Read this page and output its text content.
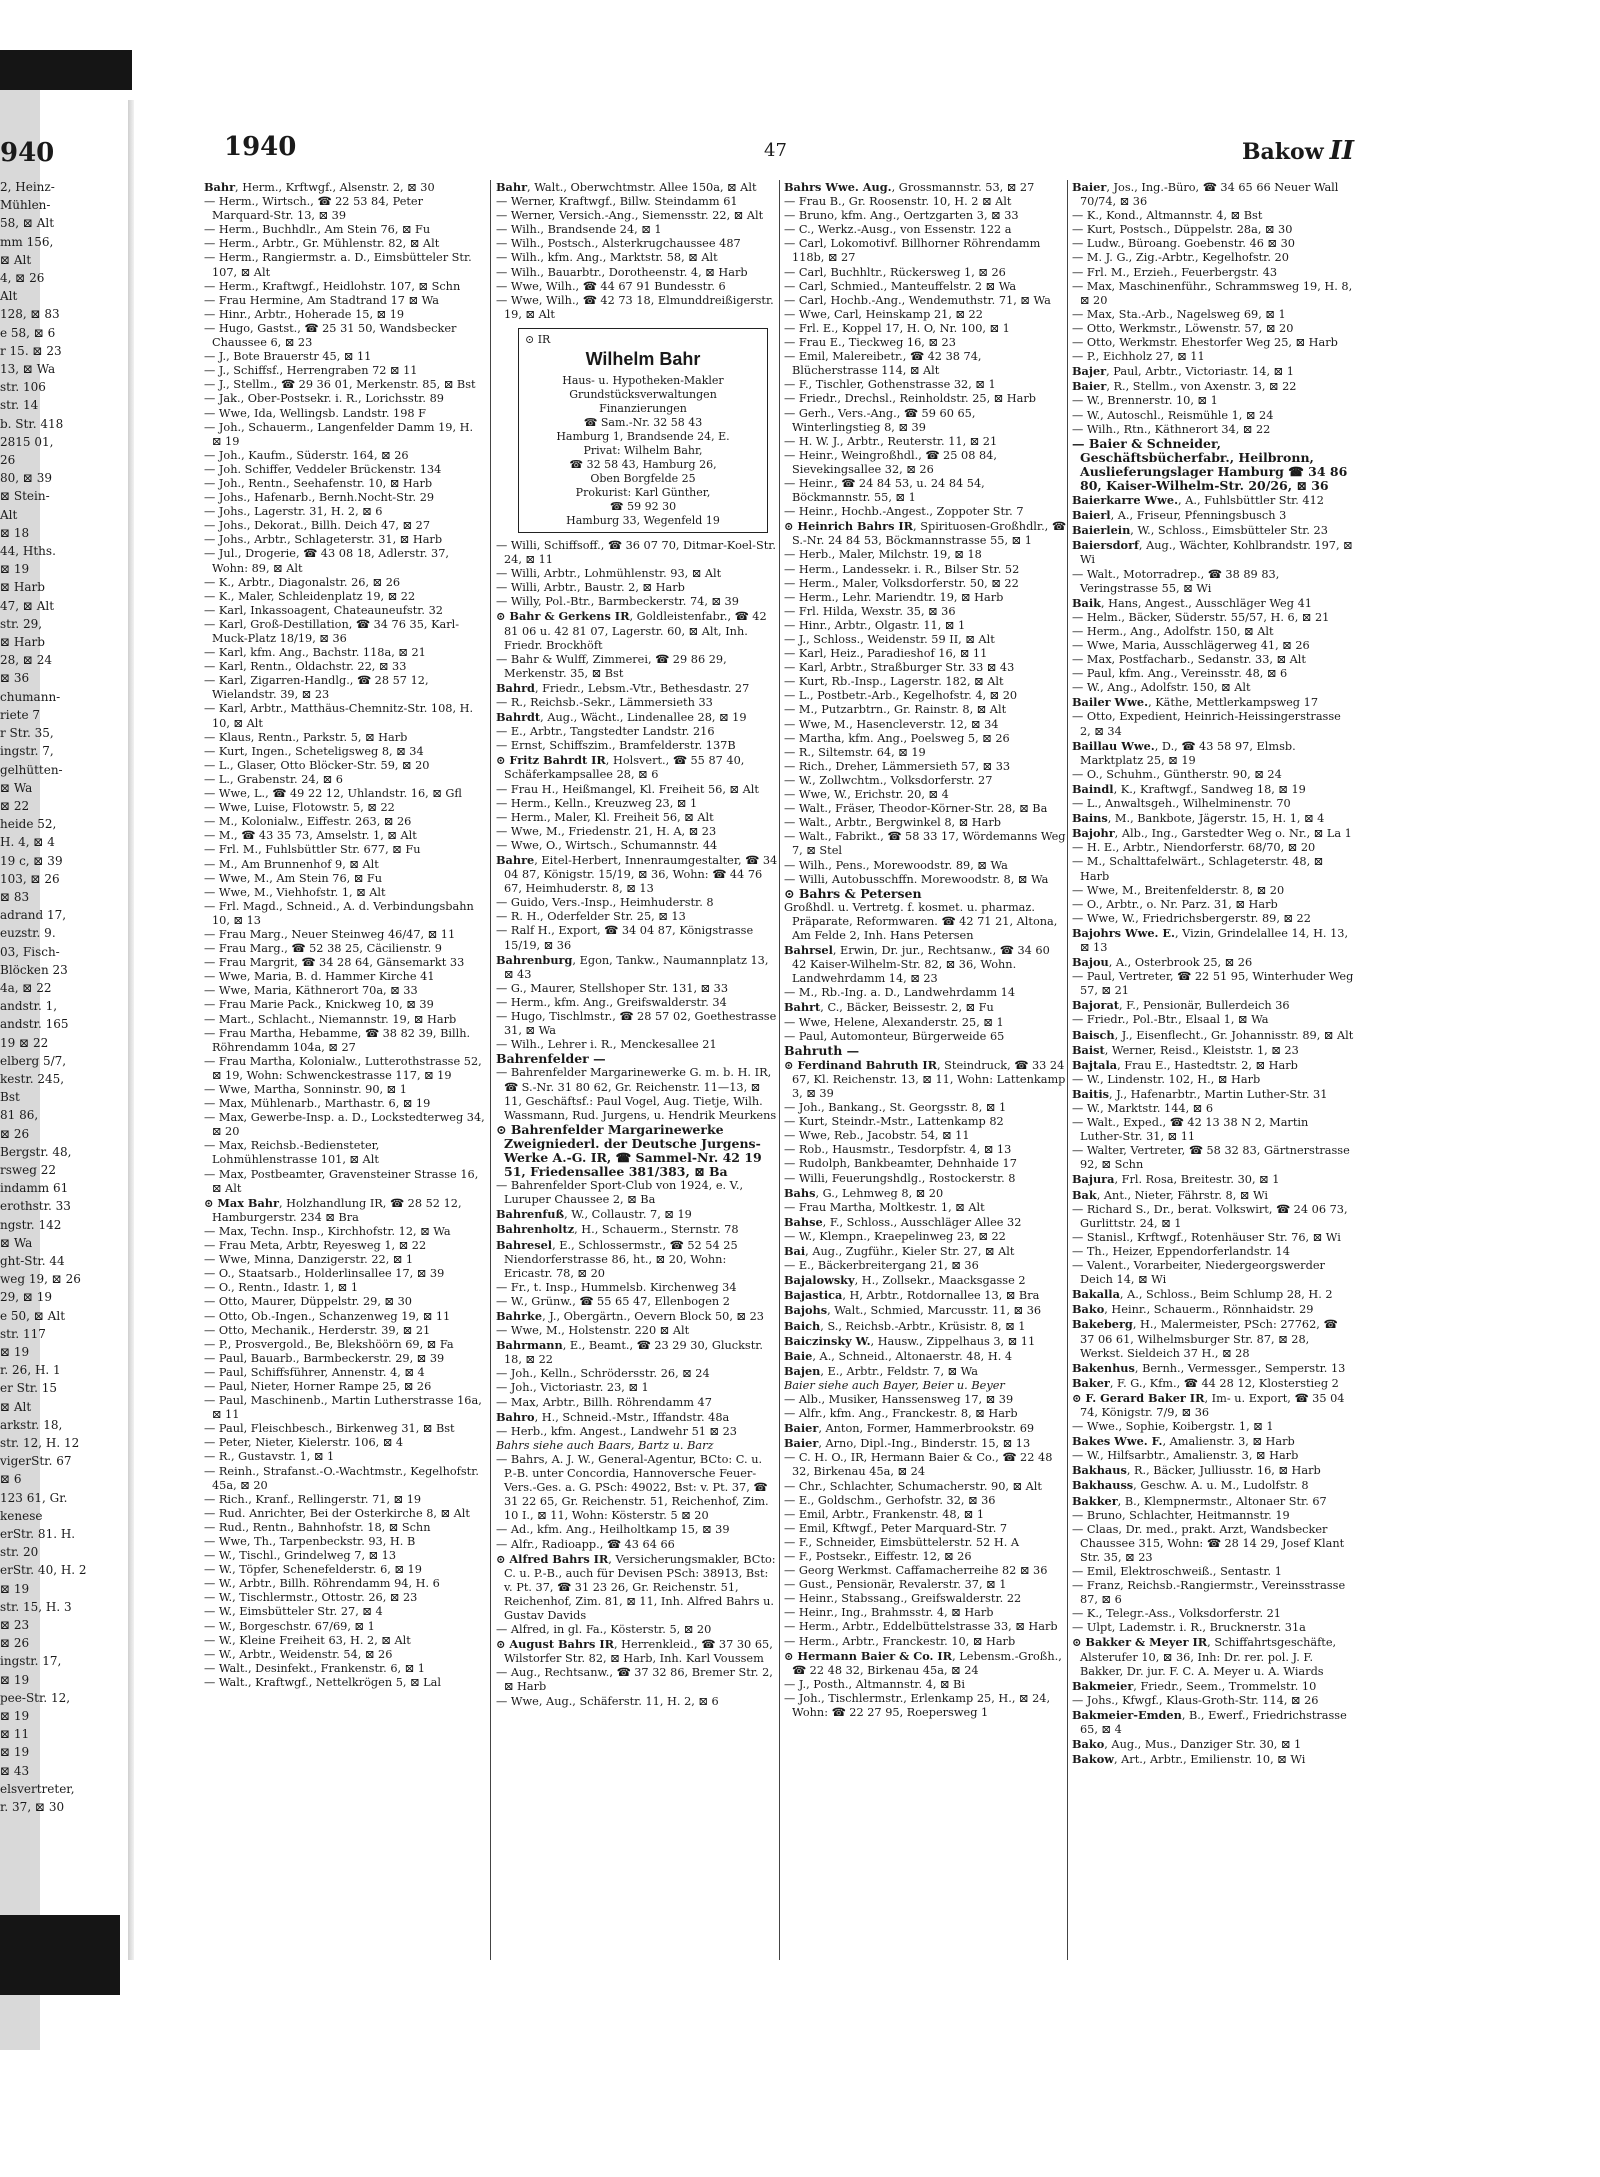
940
2, Heinz-
Mühlen-
58, ⊠ Alt
mm 156,
⊠ Alt
4, ⊠ 26
Alt
128, ⊠ 83
e 58, ⊠ 6
r 15. ⊠ 23
13, ⊠ Wa
str. 106
str. 14
b. Str. 418
2815 01,
26
80, ⊠ 39
⊠ Stein-
Alt
⊠ 18
44, Hths.
⊠ 19
⊠ Harb
47, ⊠ Alt
str. 29,
⊠ Harb
28, ⊠ 24
⊠ 36
chumann-
riete 7
r Str. 35,
ingstr. 7,
gelhütten-
⊠ Wa
⊠ 22
heide 52,
H. 4, ⊠ 4
19 c, ⊠ 39
103, ⊠ 26
⊠ 83
adrand 17,
euzstr. 9.
03, Fisch-
Blöcken 23
4a, ⊠ 22
andstr. 1,
andstr. 165
19 ⊠ 22
elberg 5/7,
kestr. 245,
Bst
81 86,
⊠ 26
Bergstr. 48,
rsweg 22
indamm 61
erothstr. 33
ngstr. 142
⊠ Wa
ght-Str. 44
weg 19, ⊠ 26
29, ⊠ 19
e 50, ⊠ Alt
str. 117
⊠ 19
r. 26, H. 1
er Str. 15
⊠ Alt
arkstr. 18,
str. 12, H. 12
vigerStr. 67
⊠ 6
123 61, Gr.
kenese
erStr. 81. H.
str. 20
erStr. 40, H. 2
⊠ 19
str. 15, H. 3
⊠ 23
⊠ 26
ingstr. 17,
⊠ 19
pee-Str. 12,
⊠ 19
⊠ 11
⊠ 19
⊠ 43
elsvertreter,
r. 37, ⊠ 30
1940	47	Bakow II

Bahr, Herm., Krftwgf., Alsenstr. 2, ⊠ 30

— Herm., Wirtsch., ☎ 22 53 84, Peter Marquard-Str. 13, ⊠ 39

— Herm., Buchhdlr., Am Stein 76, ⊠ Fu

— Herm., Arbtr., Gr. Mühlenstr. 82, ⊠ Alt

— Herm., Rangiermstr. a. D., Eimsbütteler Str. 107, ⊠ Alt

— Herm., Kraftwgf., Heidlohstr. 107, ⊠ Schn

— Frau Hermine, Am Stadtrand 17 ⊠ Wa

— Hinr., Arbtr., Hoherade 15, ⊠ 19

— Hugo, Gastst., ☎ 25 31 50, Wandsbecker Chaussee 6, ⊠ 23

— J., Bote Brauerstr 45, ⊠ 11

— J., Schiffsf., Herrengraben 72 ⊠ 11

— J., Stellm., ☎ 29 36 01, Merkenstr. 85, ⊠ Bst

— Jak., Ober-Postsekr. i. R., Lorichsstr. 89

— Wwe, Ida, Wellingsb. Landstr. 198 F

— Joh., Schauerm., Langenfelder Damm 19, H. ⊠ 19

— Joh., Kaufm., Süderstr. 164, ⊠ 26

— Joh. Schiffer, Veddeler Brückenstr. 134

— Joh., Rentn., Seehafenstr. 10, ⊠ Harb

— Johs., Hafenarb., Bernh.Nocht-Str. 29

— Johs., Lagerstr. 31, H. 2, ⊠ 6

— Johs., Dekorat., Billh. Deich 47, ⊠ 27

— Johs., Arbtr., Schlageterstr. 31, ⊠ Harb

— Jul., Drogerie, ☎ 43 08 18, Adlerstr. 37, Wohn: 89, ⊠ Alt

— K., Arbtr., Diagonalstr. 26, ⊠ 26

— K., Maler, Schleidenplatz 19, ⊠ 22

— Karl, Inkassoagent, Chateauneufstr. 32

— Karl, Groß-Destillation, ☎ 34 76 35, Karl-Muck-Platz 18/19, ⊠ 36

— Karl, kfm. Ang., Bachstr. 118a, ⊠ 21

— Karl, Rentn., Oldachstr. 22, ⊠ 33

— Karl, Zigarren-Handlg., ☎ 28 57 12, Wielandstr. 39, ⊠ 23

— Karl, Arbtr., Matthäus-Chemnitz-Str. 108, H. 10, ⊠ Alt

— Klaus, Rentn., Parkstr. 5, ⊠ Harb

— Kurt, Ingen., Scheteligsweg 8, ⊠ 34

— L., Glaser, Otto Blöcker-Str. 59, ⊠ 20

— L., Grabenstr. 24, ⊠ 6

— Wwe, L., ☎ 49 22 12, Uhlandstr. 16, ⊠ Gfl

— Wwe, Luise, Flotowstr. 5, ⊠ 22

— M., Kolonialw., Eiffestr. 263, ⊠ 26

— M., ☎ 43 35 73, Amselstr. 1, ⊠ Alt

— Frl. M., Fuhlsbüttler Str. 677, ⊠ Fu

— M., Am Brunnenhof 9, ⊠ Alt

— Wwe, M., Am Stein 76, ⊠ Fu

— Wwe, M., Viehhofstr. 1, ⊠ Alt

— Frl. Magd., Schneid., A. d. Verbindungsbahn 10, ⊠ 13

— Frau Marg., Neuer Steinweg 46/47, ⊠ 11

— Frau Marg., ☎ 52 38 25, Cäcilienstr. 9

— Frau Margrit, ☎ 34 28 64, Gänsemarkt 33

— Wwe, Maria, B. d. Hammer Kirche 41

— Wwe, Maria, Käthnerort 70a, ⊠ 33

— Frau Marie Pack., Knickweg 10, ⊠ 39

— Mart., Schlacht., Niemannstr. 19, ⊠ Harb

— Frau Martha, Hebamme, ☎ 38 82 39, Billh. Röhrendamm 104a, ⊠ 27

— Frau Martha, Kolonialw., Lutterothstrasse 52, ⊠ 19, Wohn: Schwenckestrasse 117, ⊠ 19

— Wwe, Martha, Sonninstr. 90, ⊠ 1

— Max, Mühlenarb., Marthastr. 6, ⊠ 19

— Max, Gewerbe-Insp. a. D., Lockstedterweg 34, ⊠ 20

— Max, Reichsb.-Bediensteter, Lohmühlenstrasse 101, ⊠ Alt

— Max, Postbeamter, Gravensteiner Strasse 16, ⊠ Alt

⊙ Max Bahr, Holzhandlung IR, ☎ 28 52 12, Hamburgerstr. 234 ⊠ Bra

— Max, Techn. Insp., Kirchhofstr. 12, ⊠ Wa

— Frau Meta, Arbtr, Reyesweg 1, ⊠ 22

— Wwe, Minna, Danzigerstr. 22, ⊠ 1

— O., Staatsarb., Holderlinsallee 17, ⊠ 39

— O., Rentn., Idastr. 1, ⊠ 1

— Otto, Maurer, Düppelstr. 29, ⊠ 30

— Otto, Ob.-Ingen., Schanzenweg 19, ⊠ 11

— Otto, Mechanik., Herderstr. 39, ⊠ 21

— P., Prosvergold., Be, Blekshöörn 69, ⊠ Fa

— Paul, Bauarb., Barmbeckerstr. 29, ⊠ 39

— Paul, Schiffsführer, Annenstr. 4, ⊠ 4

— Paul, Nieter, Horner Rampe 25, ⊠ 26

— Paul, Maschinenb., Martin Lutherstrasse 16a, ⊠ 11

— Paul, Fleischbesch., Birkenweg 31, ⊠ Bst

— Peter, Nieter, Kielerstr. 106, ⊠ 4

— R., Gustavstr. 1, ⊠ 1

— Reinh., Strafanst.-O.-Wachtmstr., Kegelhofstr. 45a, ⊠ 20

— Rich., Kranf., Rellingerstr. 71, ⊠ 19

— Rud. Anrichter, Bei der Osterkirche 8, ⊠ Alt

— Rud., Rentn., Bahnhofstr. 18, ⊠ Schn

— Wwe, Th., Tarpenbeckstr. 93, H. B

— W., Tischl., Grindelweg 7, ⊠ 13

— W., Töpfer, Schenefelderstr. 6, ⊠ 19

— W., Arbtr., Billh. Röhrendamm 94, H. 6

— W., Tischlermstr., Ottostr. 26, ⊠ 23

— W., Eimsbütteler Str. 27, ⊠ 4

— W., Borgeschstr. 67/69, ⊠ 1

— W., Kleine Freiheit 63, H. 2, ⊠ Alt

— W., Arbtr., Weidenstr. 54, ⊠ 26

— Walt., Desinfekt., Frankenstr. 6, ⊠ 1

— Walt., Kraftwgf., Nettelkrögen 5, ⊠ Lal

Bahr, Walt., Oberwchtmstr. Allee 150a, ⊠ Alt

— Werner, Kraftwgf., Billw. Steindamm 61

— Werner, Versich.-Ang., Siemensstr. 22, ⊠ Alt

— Wilh., Brandsende 24, ⊠ 1

— Wilh., Postsch., Alsterkrugchaussee 487

— Wilh., kfm. Ang., Marktstr. 58, ⊠ Alt

— Wilh., Bauarbtr., Dorotheenstr. 4, ⊠ Harb

— Wwe, Wilh., ☎ 44 67 91 Bundesstr. 6

— Wwe, Wilh., ☎ 42 73 18, Elmunddreißigerstr. 19, ⊠ Alt

⊙ IR
Wilhelm Bahr
Haus- u. Hypotheken-Makler
Grundstücksverwaltungen
Finanzierungen
☎ Sam.-Nr. 32 58 43
Hamburg 1, Brandsende 24, E.
Privat: Wilhelm Bahr,
☎ 32 58 43, Hamburg 26,
Oben Borgfelde 25
Prokurist: Karl Günther,
☎ 59 92 30
Hamburg 33, Wegenfeld 19

— Willi, Schiffsoff., ☎ 36 07 70, Ditmar-Koel-Str. 24, ⊠ 11

— Willi, Arbtr., Lohmühlenstr. 93, ⊠ Alt

— Willi, Arbtr., Baustr. 2, ⊠ Harb

— Willy, Pol.-Btr., Barmbeckerstr. 74, ⊠ 39

⊙ Bahr & Gerkens IR, Goldleistenfabr., ☎ 42 81 06 u. 42 81 07, Lagerstr. 60, ⊠ Alt, Inh. Friedr. Brockhöft

— Bahr & Wulff, Zimmerei, ☎ 29 86 29, Merkenstr. 35, ⊠ Bst

Bahrd, Friedr., Lebsm.-Vtr., Bethesdastr. 27

— R., Reichsb.-Sekr., Lämmersieth 33

Bahrdt, Aug., Wächt., Lindenallee 28, ⊠ 19

— E., Arbtr., Tangstedter Landstr. 216

— Ernst, Schiffszim., Bramfelderstr. 137B

⊙ Fritz Bahrdt IR, Holsvert., ☎ 55 87 40, Schäferkampsallee 28, ⊠ 6

— Frau H., Heißmangel, Kl. Freiheit 56, ⊠ Alt

— Herm., Kelln., Kreuzweg 23, ⊠ 1

— Herm., Maler, Kl. Freiheit 56, ⊠ Alt

— Wwe, M., Friedenstr. 21, H. A, ⊠ 23

— Wwe, O., Wirtsch., Schumannstr. 44

Bahre, Eitel-Herbert, Innenraumgestalter, ☎ 34 04 87, Königstr. 15/19, ⊠ 36, Wohn: ☎ 44 76 67, Heimhuderstr. 8, ⊠ 13

— Guido, Vers.-Insp., Heimhuderstr. 8

— R. H., Oderfelder Str. 25, ⊠ 13

— Ralf H., Export, ☎ 34 04 87, Königstrasse 15/19, ⊠ 36

Bahrenburg, Egon, Tankw., Naumannplatz 13, ⊠ 43

— G., Maurer, Stellshoper Str. 131, ⊠ 33

— Herm., kfm. Ang., Greifswalderstr. 34

— Hugo, Tischlmstr., ☎ 28 57 02, Goethestrasse 31, ⊠ Wa

— Wilh., Lehrer i. R., Menckesallee 21

Bahrenfelder —

— Bahrenfelder Margarinewerke G. m. b. H. IR, ☎ S.-Nr. 31 80 62, Gr. Reichenstr. 11—13, ⊠ 11, Geschäftsf.: Paul Vogel, Aug. Tietje, Wilh. Wassmann, Rud. Jurgens, u. Hendrik Meurkens

⊙ Bahrenfelder Margarinewerke Zweigniederl. der Deutsche Jurgens-Werke A.-G. IR, ☎ Sammel-Nr. 42 19 51, Friedensallee 381/383, ⊠ Ba

— Bahrenfelder Sport-Club von 1924, e. V., Luruper Chaussee 2, ⊠ Ba

Bahrenfuß, W., Collaustr. 7, ⊠ 19

Bahrenholtz, H., Schauerm., Sternstr. 78

Bahresel, E., Schlossermstr., ☎ 52 54 25 Niendorferstrasse 86, ht., ⊠ 20, Wohn: Ericastr. 78, ⊠ 20

— Fr., t. Insp., Hummelsb. Kirchenweg 34

— W., Grünw., ☎ 55 65 47, Ellenbogen 2

Bahrke, J., Obergärtn., Oevern Block 50, ⊠ 23

— Wwe, M., Holstenstr. 220 ⊠ Alt

Bahrmann, E., Beamt., ☎ 23 29 30, Gluckstr. 18, ⊠ 22

— Joh., Kelln., Schrödersstr. 26, ⊠ 24

— Joh., Victoriastr. 23, ⊠ 1

— Max, Arbtr., Billh. Röhrendamm 47

Bahro, H., Schneid.-Mstr., Iffandstr. 48a

— Herb., kfm. Angest., Landwehr 51 ⊠ 23

Bahrs siehe auch Baars, Bartz u. Barz

— Bahrs, A. J. W., General-Agentur, BCto: C. u. P.-B. unter Concordia, Hannoversche Feuer-Vers.-Ges. a. G. PSch: 49022, Bst: v. Pt. 37, ☎ 31 22 65, Gr. Reichenstr. 51, Reichenhof, Zim. 10 I., ⊠ 11, Wohn: Kösterstr. 5 ⊠ 20

— Ad., kfm. Ang., Heilholtkamp 15, ⊠ 39

— Alfr., Radioapp., ☎ 43 64 66

⊙ Alfred Bahrs IR, Versicherungsmakler, BCto: C. u. P.-B., auch für Devisen PSch: 38913, Bst: v. Pt. 37, ☎ 31 23 26, Gr. Reichenstr. 51, Reichenhof, Zim. 81, ⊠ 11, Inh. Alfred Bahrs u. Gustav Davids

— Alfred, in gl. Fa., Kösterstr. 5, ⊠ 20

⊙ August Bahrs IR, Herrenkleid., ☎ 37 30 65, Wilstorfer Str. 82, ⊠ Harb, Inh. Karl Voussem

— Aug., Rechtsanw., ☎ 37 32 86, Bremer Str. 2, ⊠ Harb

— Wwe, Aug., Schäferstr. 11, H. 2, ⊠ 6

Bahrs Wwe. Aug., Grossmannstr. 53, ⊠ 27

— Frau B., Gr. Roosenstr. 10, H. 2 ⊠ Alt

— Bruno, kfm. Ang., Oertzgarten 3, ⊠ 33

— C., Werkz.-Ausg., von Essenstr. 122 a

— Carl, Lokomotivf. Billhorner Röhrendamm 118b, ⊠ 27

— Carl, Buchhltr., Rückersweg 1, ⊠ 26

— Carl, Schmied., Manteuffelstr. 2 ⊠ Wa

— Carl, Hochb.-Ang., Wendemuthstr. 71, ⊠ Wa

— Wwe, Carl, Heinskamp 21, ⊠ 22

— Frl. E., Koppel 17, H. O, Nr. 100, ⊠ 1

— Frau E., Tieckweg 16, ⊠ 23

— Emil, Malereibetr., ☎ 42 38 74, Blücherstrasse 114, ⊠ Alt

— F., Tischler, Gothenstrasse 32, ⊠ 1

— Friedr., Drechsl., Reinholdstr. 25, ⊠ Harb

— Gerh., Vers.-Ang., ☎ 59 60 65, Winterlingstieg 8, ⊠ 39

— H. W. J., Arbtr., Reuterstr. 11, ⊠ 21

— Heinr., Weingroßhdl., ☎ 25 08 84, Sievekingsallee 32, ⊠ 26

— Heinr., ☎ 24 84 53, u. 24 84 54, Böckmannstr. 55, ⊠ 1

— Heinr., Hochb.-Angest., Zoppoter Str. 7

⊙ Heinrich Bahrs IR, Spirituosen-Großhdlr., ☎ S.-Nr. 24 84 53, Böckmannstrasse 55, ⊠ 1

— Herb., Maler, Milchstr. 19, ⊠ 18

— Herm., Landessekr. i. R., Bilser Str. 52

— Herm., Maler, Volksdorferstr. 50, ⊠ 22

— Herm., Lehr. Mariendtr. 19, ⊠ Harb

— Frl. Hilda, Wexstr. 35, ⊠ 36

— Hinr., Arbtr., Olgastr. 11, ⊠ 1

— J., Schloss., Weidenstr. 59 II, ⊠ Alt

— Karl, Heiz., Paradieshof 16, ⊠ 11

— Karl, Arbtr., Straßburger Str. 33 ⊠ 43

— Kurt, Rb.-Insp., Lagerstr. 182, ⊠ Alt

— L., Postbetr.-Arb., Kegelhofstr. 4, ⊠ 20

— M., Putzarbtrn., Gr. Rainstr. 8, ⊠ Alt

— Wwe, M., Hasencleverstr. 12, ⊠ 34

— Martha, kfm. Ang., Poelsweg 5, ⊠ 26

— R., Siltemstr. 64, ⊠ 19

— Rich., Dreher, Lämmersieth 57, ⊠ 33

— W., Zollwchtm., Volksdorferstr. 27

— Wwe, W., Erichstr. 20, ⊠ 4

— Walt., Fräser, Theodor-Körner-Str. 28, ⊠ Ba

— Walt., Arbtr., Bergwinkel 8, ⊠ Harb

— Walt., Fabrikt., ☎ 58 33 17, Wördemanns Weg 7, ⊠ Stel

— Wilh., Pens., Morewoodstr. 89, ⊠ Wa

— Willi, Autobusschffn. Morewoodstr. 8, ⊠ Wa

⊙ Bahrs & Petersen

Großhdl. u. Vertretg. f. kosmet. u. pharmaz. Präparate, Reformwaren. ☎ 42 71 21, Altona, Am Felde 2, Inh. Hans Petersen

Bahrsel, Erwin, Dr. jur., Rechtsanw., ☎ 34 60 42 Kaiser-Wilhelm-Str. 82, ⊠ 36, Wohn. Landwehrdamm 14, ⊠ 23

— M., Rb.-Ing. a. D., Landwehrdamm 14

Bahrt, C., Bäcker, Beissestr. 2, ⊠ Fu

— Wwe, Helene, Alexanderstr. 25, ⊠ 1

— Paul, Automonteur, Bürgerweide 65

Bahruth —

⊙ Ferdinand Bahruth IR, Steindruck, ☎ 33 24 67, Kl. Reichenstr. 13, ⊠ 11, Wohn: Lattenkamp 3, ⊠ 39

— Joh., Bankang., St. Georgsstr. 8, ⊠ 1

— Kurt, Steindr.-Mstr., Lattenkamp 82

— Wwe, Reb., Jacobstr. 54, ⊠ 11

— Rob., Hausmstr., Tesdorpfstr. 4, ⊠ 13

— Rudolph, Bankbeamter, Dehnhaide 17

— Willi, Feuerungshdlg., Rostockerstr. 8

Bahs, G., Lehmweg 8, ⊠ 20

— Frau Martha, Moltkestr. 1, ⊠ Alt

Bahse, F., Schloss., Ausschläger Allee 32

— W., Klempn., Kraepelinweg 23, ⊠ 22

Bai, Aug., Zugführ., Kieler Str. 27, ⊠ Alt

— E., Bäckerbreitergang 21, ⊠ 36

Bajalowsky, H., Zollsekr., Maacksgasse 2

Bajastica, H, Arbtr., Rotdornallee 13, ⊠ Bra

Bajohs, Walt., Schmied, Marcusstr. 11, ⊠ 36

Baich, S., Reichsb.-Arbtr., Krüsistr. 8, ⊠ 1

Baiczinsky W., Hausw., Zippelhaus 3, ⊠ 11

Baie, A., Schneid., Altonaerstr. 48, H. 4

Bajen, E., Arbtr., Feldstr. 7, ⊠ Wa

Baier siehe auch Bayer, Beier u. Beyer

— Alb., Musiker, Hanssensweg 17, ⊠ 39

— Alfr., kfm. Ang., Franckestr. 8, ⊠ Harb

Baier, Anton, Former, Hammerbrookstr. 69

Baier, Arno, Dipl.-Ing., Binderstr. 15, ⊠ 13

— C. H. O., IR, Hermann Baier & Co., ☎ 22 48 32, Birkenau 45a, ⊠ 24

— Chr., Schlachter, Schumacherstr. 90, ⊠ Alt

— E., Goldschm., Gerhofstr. 32, ⊠ 36

— Emil, Arbtr., Frankenstr. 48, ⊠ 1

— Emil, Kftwgf., Peter Marquard-Str. 7

— F., Schneider, Eimsbüttelerstr. 52 H. A

— F., Postsekr., Eiffestr. 12, ⊠ 26

— Georg Werkmst. Caffamacherreihe 82 ⊠ 36

— Gust., Pensionär, Revalerstr. 37, ⊠ 1

— Heinr., Stabssang., Greifswalderstr. 22

— Heinr., Ing., Brahmsstr. 4, ⊠ Harb

— Herm., Arbtr., Eddelbüttelstrasse 33, ⊠ Harb

— Herm., Arbtr., Franckestr. 10, ⊠ Harb

⊙ Hermann Baier & Co. IR, Lebensm.-Großh., ☎ 22 48 32, Birkenau 45a, ⊠ 24

— J., Posth., Altmannstr. 4, ⊠ Bi

— Joh., Tischlermstr., Erlenkamp 25, H., ⊠ 24, Wohn: ☎ 22 27 95, Roepersweg 1

Baier, Jos., Ing.-Büro, ☎ 34 65 66 Neuer Wall 70/74, ⊠ 36

— K., Kond., Altmannstr. 4, ⊠ Bst

— Kurt, Postsch., Düppelstr. 28a, ⊠ 30

— Ludw., Büroang. Goebenstr. 46 ⊠ 30

— M. J. G., Zig.-Arbtr., Kegelhofstr. 20

— Frl. M., Erzieh., Feuerbergstr. 43

— Max, Maschinenführ., Schrammsweg 19, H. 8, ⊠ 20

— Max, Sta.-Arb., Nagelsweg 69, ⊠ 1

— Otto, Werkmstr., Löwenstr. 57, ⊠ 20

— Otto, Werkmstr. Ehestorfer Weg 25, ⊠ Harb

— P., Eichholz 27, ⊠ 11

Bajer, Paul, Arbtr., Victoriastr. 14, ⊠ 1

Baier, R., Stellm., von Axenstr. 3, ⊠ 22

— W., Brennerstr. 10, ⊠ 1

— W., Autoschl., Reismühle 1, ⊠ 24

— Wilh., Rtn., Käthnerort 34, ⊠ 22

— Baier & Schneider, Geschäftsbücherfabr., Heilbronn, Auslieferungslager Hamburg ☎ 34 86 80, Kaiser-Wilhelm-Str. 20/26, ⊠ 36

Baierkarre Wwe., A., Fuhlsbüttler Str. 412

Baierl, A., Friseur, Pfenningsbusch 3

Baierlein, W., Schloss., Eimsbütteler Str. 23

Baiersdorf, Aug., Wächter, Kohlbrandstr. 197, ⊠ Wi

— Walt., Motorradrep., ☎ 38 89 83, Veringstrasse 55, ⊠ Wi

Baik, Hans, Angest., Ausschläger Weg 41

— Helm., Bäcker, Süderstr. 55/57, H. 6, ⊠ 21

— Herm., Ang., Adolfstr. 150, ⊠ Alt

— Wwe, Maria, Ausschlägerweg 41, ⊠ 26

— Max, Postfacharb., Sedanstr. 33, ⊠ Alt

— Paul, kfm. Ang., Vereinsstr. 48, ⊠ 6

— W., Ang., Adolfstr. 150, ⊠ Alt

Bailer Wwe., Käthe, Mettlerkampsweg 17

— Otto, Expedient, Heinrich-Heissingerstrasse 2, ⊠ 34

Baillau Wwe., D., ☎ 43 58 97, Elmsb. Marktplatz 25, ⊠ 19

— O., Schuhm., Güntherstr. 90, ⊠ 24

Baindl, K., Kraftwgf., Sandweg 18, ⊠ 19

— L., Anwaltsgeh., Wilhelminenstr. 70

Bains, M., Bankbote, Jägerstr. 15, H. 1, ⊠ 4

Bajohr, Alb., Ing., Garstedter Weg o. Nr., ⊠ La 1

— H. E., Arbtr., Niendorferstr. 68/70, ⊠ 20

— M., Schalttafelwärt., Schlageterstr. 48, ⊠ Harb

— Wwe, M., Breitenfelderstr. 8, ⊠ 20

— O., Arbtr., o. Nr. Parz. 31, ⊠ Harb

— Wwe, W., Friedrichsbergerstr. 89, ⊠ 22

Bajohrs Wwe. E., Vizin, Grindelallee 14, H. 13, ⊠ 13

Bajou, A., Osterbrook 25, ⊠ 26

— Paul, Vertreter, ☎ 22 51 95, Winterhuder Weg 57, ⊠ 21

Bajorat, F., Pensionär, Bullerdeich 36

— Friedr., Pol.-Btr., Elsaal 1, ⊠ Wa

Baisch, J., Eisenflecht., Gr. Johannisstr. 89, ⊠ Alt

Baist, Werner, Reisd., Kleiststr. 1, ⊠ 23

Bajtala, Frau E., Hastedtstr. 2, ⊠ Harb

— W., Lindenstr. 102, H., ⊠ Harb

Baitis, J., Hafenarbtr., Martin Luther-Str. 31

— W., Marktstr. 144, ⊠ 6

— Walt., Exped., ☎ 42 13 38 N 2, Martin Luther-Str. 31, ⊠ 11

— Walter, Vertreter, ☎ 58 32 83, Gärtnerstrasse 92, ⊠ Schn

Bajura, Frl. Rosa, Breitestr. 30, ⊠ 1

Bak, Ant., Nieter, Fährstr. 8, ⊠ Wi

— Richard S., Dr., berat. Volkswirt, ☎ 24 06 73, Gurlittstr. 24, ⊠ 1

— Stanisl., Krftwgf., Rotenhäuser Str. 76, ⊠ Wi

— Th., Heizer, Eppendorferlandstr. 14

— Valent., Vorarbeiter, Niedergeorgswerder Deich 14, ⊠ Wi

Bakalla, A., Schloss., Beim Schlump 28, H. 2

Bako, Heinr., Schauerm., Rönnhaidstr. 29

Bakeberg, H., Malermeister, PSch: 27762, ☎ 37 06 61, Wilhelmsburger Str. 87, ⊠ 28, Werkst. Sieldeich 37 H., ⊠ 28

Bakenhus, Bernh., Vermessger., Semperstr. 13

Baker, F. G., Kfm., ☎ 44 28 12, Klosterstieg 2

⊙ F. Gerard Baker IR, Im- u. Export, ☎ 35 04 74, Königstr. 7/9, ⊠ 36

— Wwe., Sophie, Koibergstr. 1, ⊠ 1

Bakes Wwe. F., Amalienstr. 3, ⊠ Harb

— W., Hilfsarbtr., Amalienstr. 3, ⊠ Harb

Bakhaus, R., Bäcker, Julliusstr. 16, ⊠ Harb

Bakhauss, Geschw. A. u. M., Ludolfstr. 8

Bakker, B., Klempnermstr., Altonaer Str. 67

— Bruno, Schlachter, Heitmannstr. 19

— Claas, Dr. med., prakt. Arzt, Wandsbecker Chaussee 315, Wohn: ☎ 28 14 29, Josef Klant Str. 35, ⊠ 23

— Emil, Elektroschweiß., Sentastr. 1

— Franz, Reichsb.-Rangiermstr., Vereinsstrasse 87, ⊠ 6

— K., Telegr.-Ass., Volksdorferstr. 21

— Ulpt, Lademstr. i. R., Brucknerstr. 31a

⊙ Bakker & Meyer IR, Schiffahrtsgeschäfte, Alsterufer 10, ⊠ 36, Inh: Dr. rer. pol. J. F. Bakker, Dr. jur. F. C. A. Meyer u. A. Wiards

Bakmeier, Friedr., Seem., Trommelstr. 10

— Johs., Kfwgf., Klaus-Groth-Str. 114, ⊠ 26

Bakmeier-Emden, B., Ewerf., Friedrichstrasse 65, ⊠ 4

Bako, Aug., Mus., Danziger Str. 30, ⊠ 1

Bakow, Art., Arbtr., Emilienstr. 10, ⊠ Wi
